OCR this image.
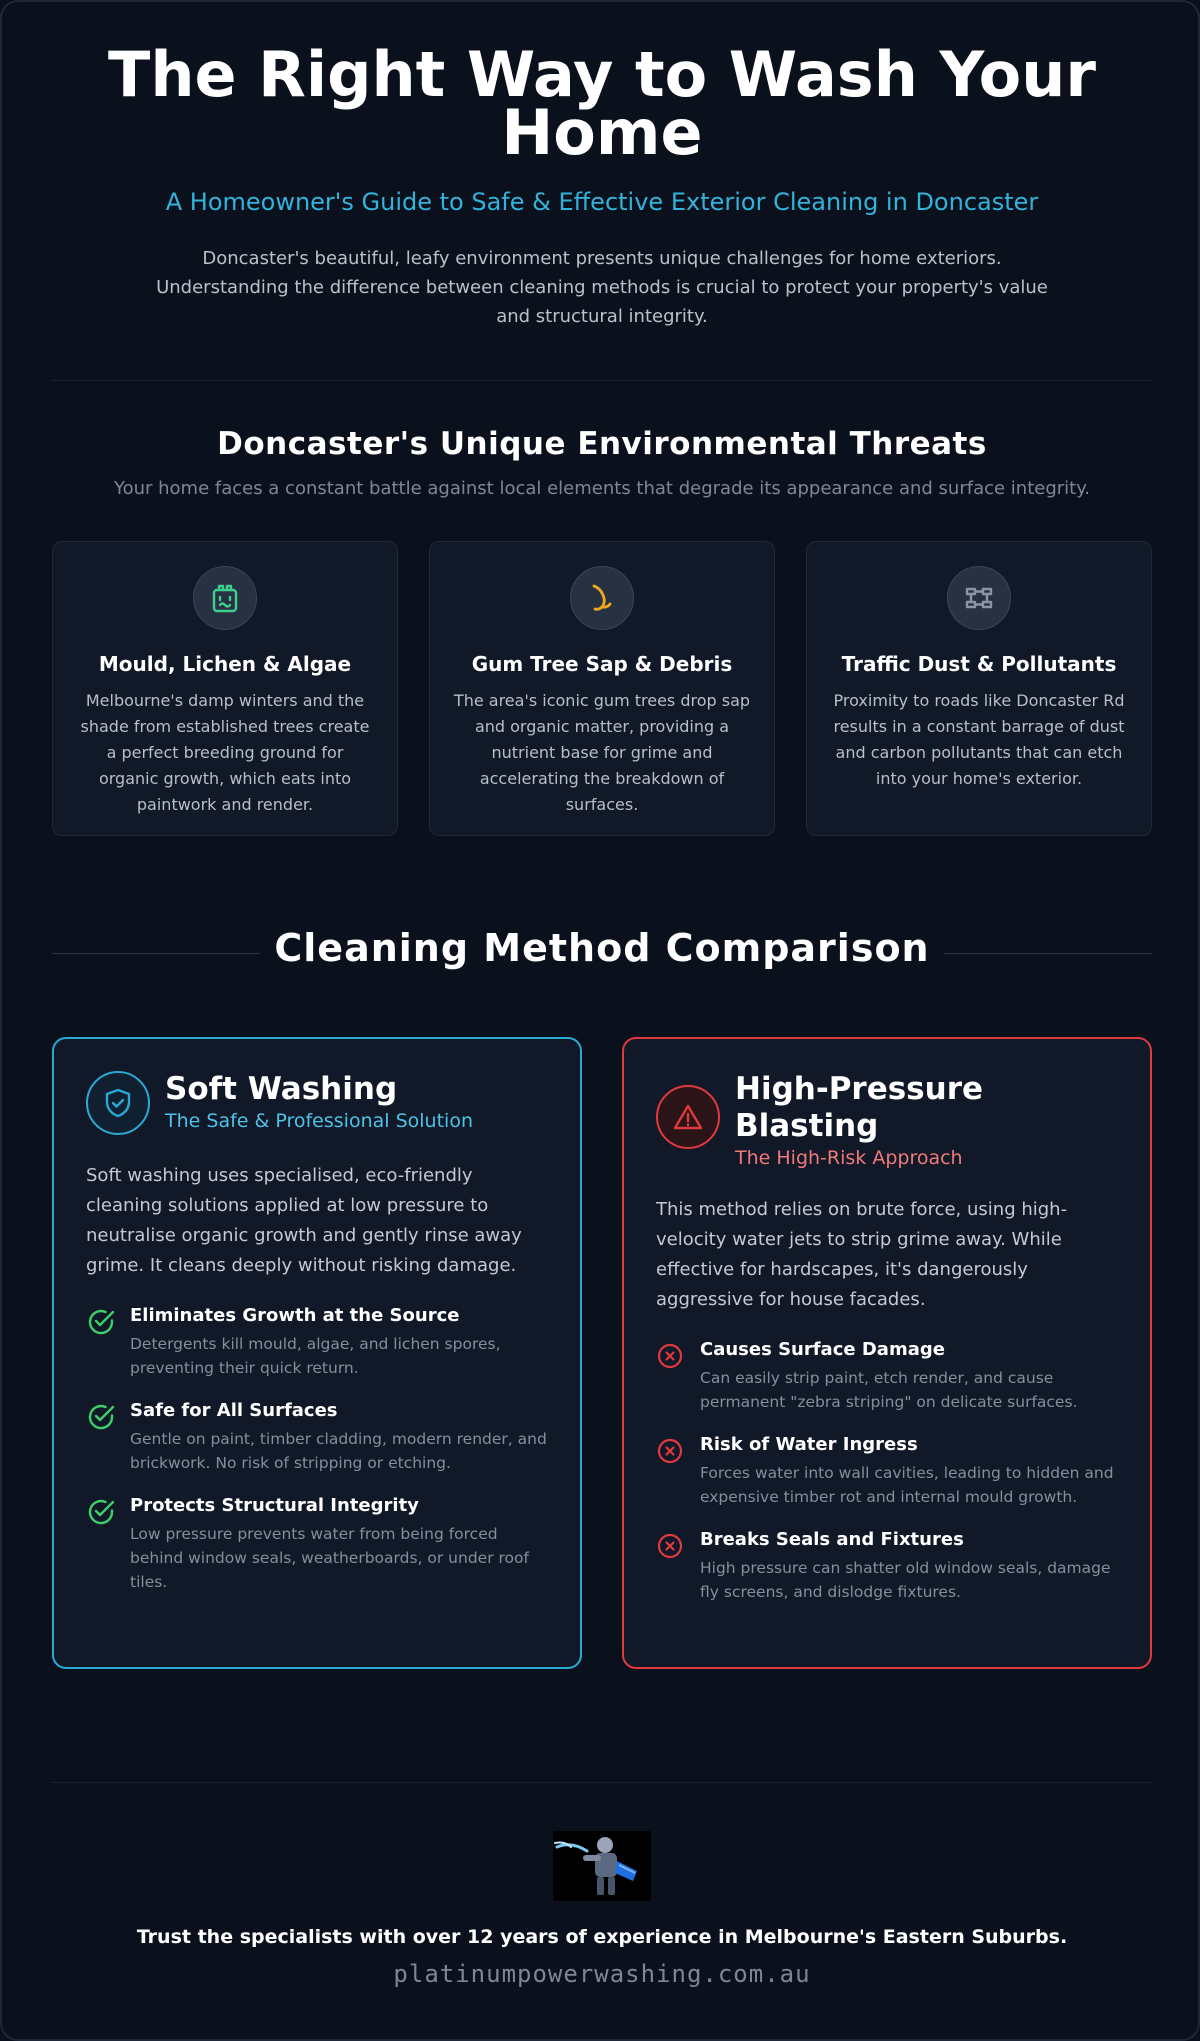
The Right Way to Wash Your Home
A Homeowner's Guide to Safe & Effective Exterior Cleaning in Doncaster

Doncaster's beautiful, leafy environment presents unique challenges for home exteriors. Understanding the difference between cleaning methods is crucial to protect your property's value and structural integrity.

Doncaster's Unique Environmental Threats

Your home faces a constant battle against local elements that degrade its appearance and surface integrity.

Mould, Lichen & Algae

Melbourne's damp winters and the shade from established trees create a perfect breeding ground for organic growth, which eats into paintwork and render.

Gum Tree Sap & Debris

The area's iconic gum trees drop sap and organic matter, providing a nutrient base for grime and accelerating the breakdown of surfaces.

Traffic Dust & Pollutants

Proximity to roads like Doncaster Rd results in a constant barrage of dust and carbon pollutants that can etch into your home's exterior.

Cleaning Method Comparison
Soft Washing
The Safe & Professional Solution

Soft washing uses specialised, eco-friendly cleaning solutions applied at low pressure to neutralise organic growth and gently rinse away grime. It cleans deeply without risking damage.

Eliminates Growth at the Source

Detergents kill mould, algae, and lichen spores, preventing their quick return.

Safe for All Surfaces

Gentle on paint, timber cladding, modern render, and brickwork. No risk of stripping or etching.

Protects Structural Integrity

Low pressure prevents water from being forced behind window seals, weatherboards, or under roof tiles.

High-Pressure Blasting
The High-Risk Approach

This method relies on brute force, using high-velocity water jets to strip grime away. While effective for hardscapes, it's dangerously aggressive for house facades.

Causes Surface Damage

Can easily strip paint, etch render, and cause permanent "zebra striping" on delicate surfaces.

Risk of Water Ingress

Forces water into wall cavities, leading to hidden and expensive timber rot and internal mould growth.

Breaks Seals and Fixtures

High pressure can shatter old window seals, damage fly screens, and dislodge fixtures.

Trust the specialists with over 12 years of experience in Melbourne's Eastern Suburbs.
platinumpowerwashing.com.au
